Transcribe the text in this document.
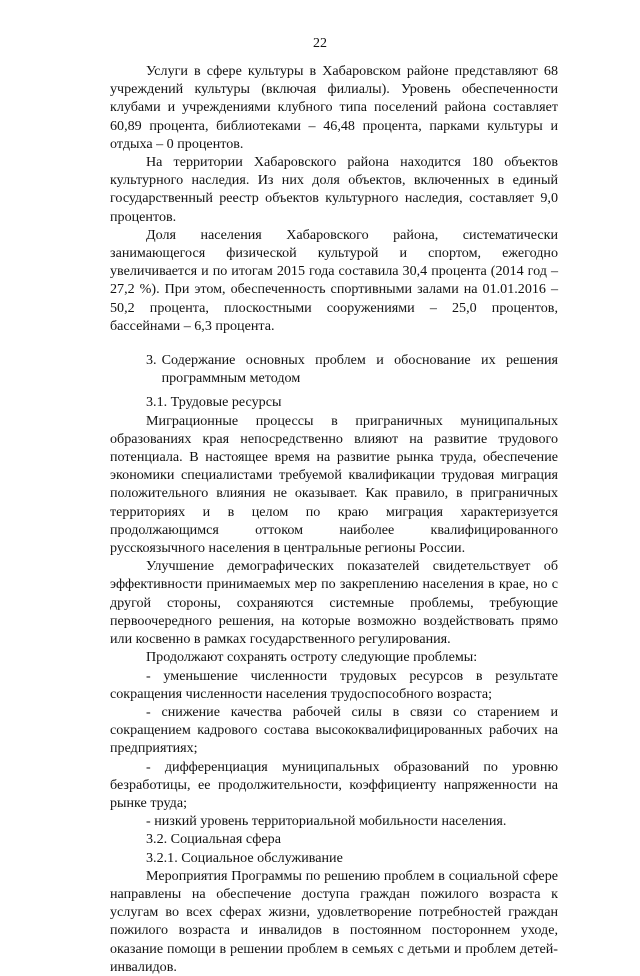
22

Услуги в сфере культуры в Хабаровском районе представляют 68 учреждений культуры (включая филиалы). Уровень обеспеченности клубами и учреждениями клубного типа поселений района составляет 60,89 процента, библиотеками – 46,48 процента, парками культуры и отдыха – 0 процентов.

На территории Хабаровского района находится 180 объектов культурного наследия. Из них доля объектов, включенных в единый государственный реестр объектов культурного наследия, составляет 9,0 процентов.

Доля населения Хабаровского района, систематически занимающегося физической культурой и спортом, ежегодно увеличивается и по итогам 2015 года составила 30,4 процента (2014 год – 27,2 %). При этом, обеспеченность спортивными залами на 01.01.2016 – 50,2 процента, плоскостными сооружениями – 25,0 процентов, бассейнами – 6,3 процента.

3. Содержание основных проблем и обоснование их решения программным методом

3.1. Трудовые ресурсы

Миграционные процессы в приграничных муниципальных образованиях края непосредственно влияют на развитие трудового потенциала. В настоящее время на развитие рынка труда, обеспечение экономики специалистами требуемой квалификации трудовая миграция положительного влияния не оказывает. Как правило, в приграничных территориях и в целом по краю миграция характеризуется продолжающимся оттоком наиболее квалифицированного русскоязычного населения в центральные регионы России.

Улучшение демографических показателей свидетельствует об эффективности принимаемых мер по закреплению населения в крае, но с другой стороны, сохраняются системные проблемы, требующие первоочередного решения, на которые возможно воздействовать прямо или косвенно в рамках государственного регулирования.

Продолжают сохранять остроту следующие проблемы:

- уменьшение численности трудовых ресурсов в результате сокращения численности населения трудоспособного возраста;

- снижение качества рабочей силы в связи со старением и сокращением кадрового состава высококвалифицированных рабочих на предприятиях;

- дифференциация муниципальных образований по уровню безработицы, ее продолжительности, коэффициенту напряженности на рынке труда;

- низкий уровень территориальной мобильности населения.

3.2. Социальная сфера

3.2.1. Социальное обслуживание

Мероприятия Программы по решению проблем в социальной сфере направлены на обеспечение доступа граждан пожилого возраста к услугам во всех сферах жизни, удовлетворение потребностей граждан пожилого возраста и инвалидов в постоянном постороннем уходе, оказание помощи в решении проблем в семьях с детьми и проблем детей-инвалидов.
